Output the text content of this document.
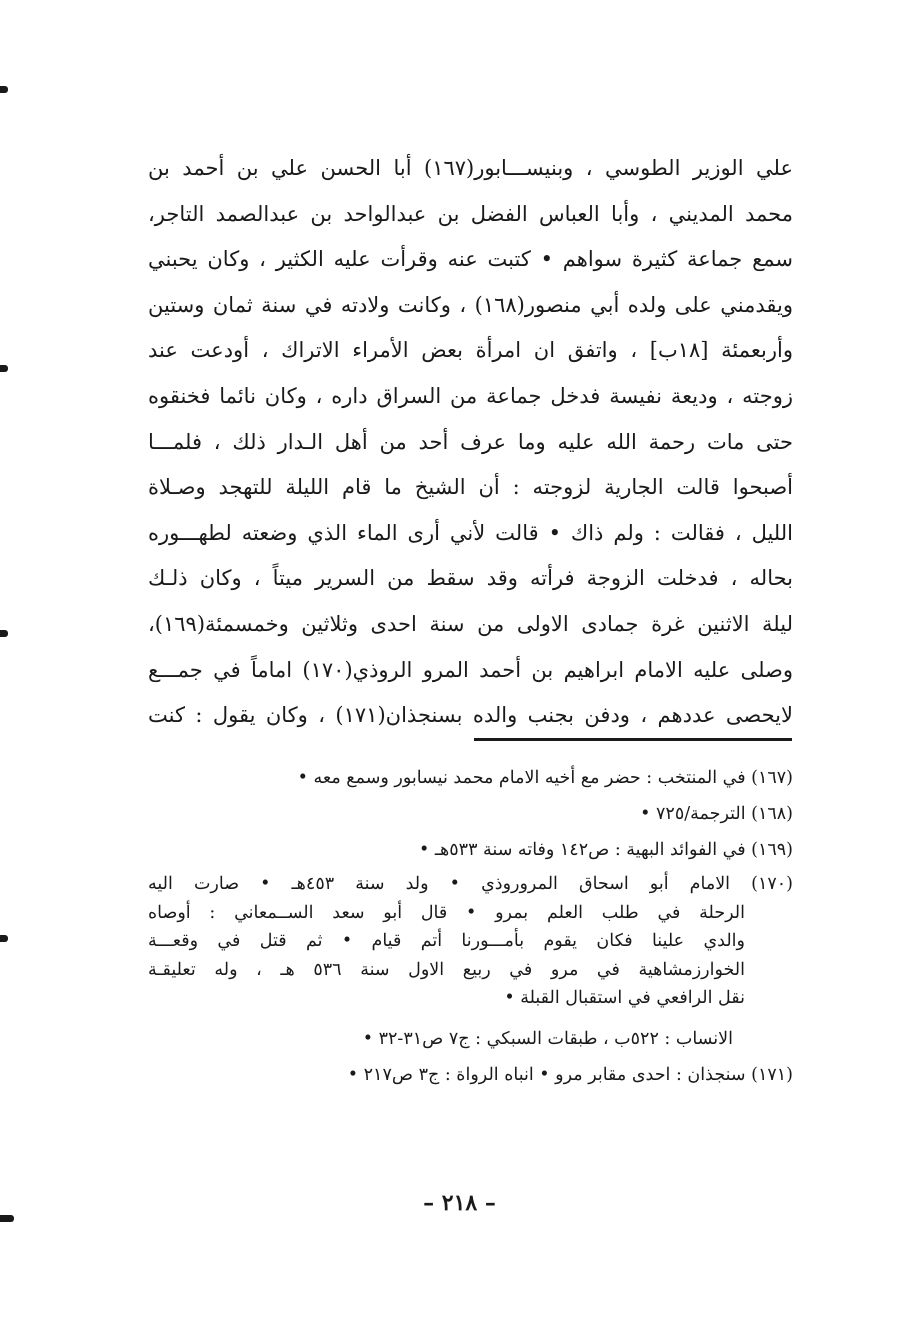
علي الوزير الطوسي ، وبنيســـابور(١٦٧) أبا الحسن علي بن أحمد بن
محمد المديني ، وأبا العباس الفضل بن عبدالواحد بن عبدالصمد التاجر،
سمع جماعة كثيرة سواهم • كتبت عنه وقرأت عليه الكثير ، وكان يحبني
ويقدمني على ولده أبي منصور(١٦٨) ، وكانت ولادته في سنة ثمان وستين
وأربعمئة [١٨ب] ، واتفق ان امرأة بعض الأمراء الاتراك ، أودعت عند
زوجته ، وديعة نفيسة فدخل جماعة من السراق داره ، وكان نائما فخنقوه
حتى مات رحمة الله عليه وما عرف أحد من أهل الـدار ذلك ، فلمـــا
أصبحوا قالت الجارية لزوجته : أن الشيخ ما قام الليلة للتهجد وصـلاة
الليل ، فقالت : ولم ذاك • قالت لأني أرى الماء الذي وضعته لطهـــوره
بحاله ، فدخلت الزوجة فرأته وقد سقط من السرير ميتاً ، وكان ذلـك
ليلة الاثنين غرة جمادى الاولى من سنة احدى وثلاثين وخمسمئة(١٦٩)،
وصلى عليه الامام ابراهيم بن أحمد المرو الروذي(١٧٠) اماماً في جمـــع
لايحصى عددهم ، ودفن بجنب والده بسنجذان(١٧١) ، وكان يقول : كنت
(١٦٧) في المنتخب : حضر مع أخيه الامام محمد نيسابور وسمع معه •
(١٦٨) الترجمة/٧٢٥ •
(١٦٩) في الفوائد البهية : ص١٤٢ وفاته سنة ٥٣٣هـ •
(١٧٠) الامام أبو اسحاق المروروذي • ولد سنة ٤٥٣هـ • صارت اليه
الرحلة في طلب العلم بمرو • قال أبو سعد الســمعاني : أوصاه
والدي علينا فكان يقوم بأمـــورنا أتم قيام • ثم قتل في وقعـــة
الخوارزمشاهية في مرو في ربيع الاول سنة ٥٣٦ هـ ، وله تعليقـة
نقل الرافعي في استقبال القبلة •
الانساب : ٥٢٢ب ، طبقات السبكي : ج٧ ص٣١-٣٢ •
(١٧١) سنجذان : احدى مقابر مرو • انباه الرواة : ج٣ ص٢١٧ •
– ٢١٨ –
